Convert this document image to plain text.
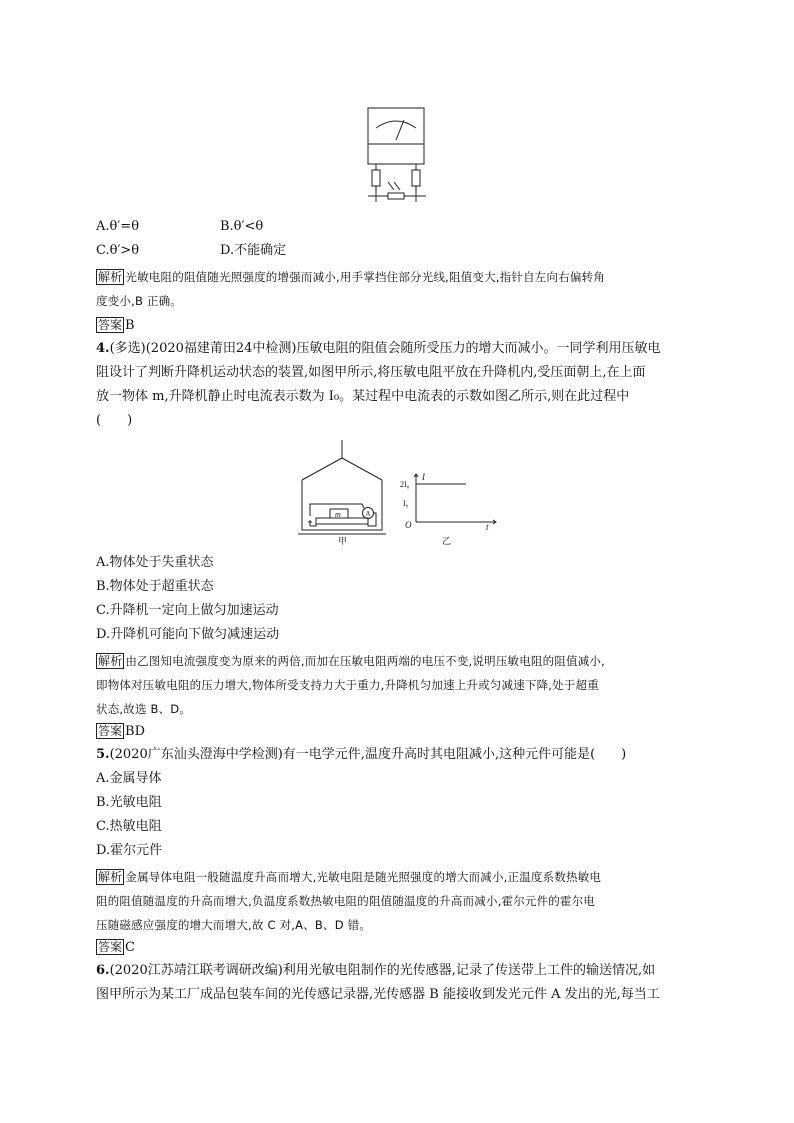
A.θ′=θ	B.θ′<θ
C.θ′>θ	D.不能确定
解析 光敏电阻的阻值随光照强度的增强而减小,用手掌挡住部分光线,阻值变大,指针自左向右偏转角
度变小,B 正确。
答案 B
4.(多选)(2020福建莆田24中检测)压敏电阻的阻值会随所受压力的增大而减小。一同学利用压敏电
阻设计了判断升降机运动状态的装置,如图甲所示,将压敏电阻平放在升降机内,受压面朝上,在上面
放一物体 m,升降机静止时电流表示数为 I₀。某过程中电流表的示数如图乙所示,则在此过程中
(　　)
m	A
甲
I
2I₀
I₀
O	t
乙
A.物体处于失重状态
B.物体处于超重状态
C.升降机一定向上做匀加速运动
D.升降机可能向下做匀减速运动
解析 由乙图知电流强度变为原来的两倍,而加在压敏电阻两端的电压不变,说明压敏电阻的阻值减小,
即物体对压敏电阻的压力增大,物体所受支持力大于重力,升降机匀加速上升或匀减速下降,处于超重
状态,故选 B、D。
答案 BD
5.(2020广东汕头澄海中学检测)有一电学元件,温度升高时其电阻减小,这种元件可能是(　　)
A.金属导体
B.光敏电阻
C.热敏电阻
D.霍尔元件
解析 金属导体电阻一般随温度升高而增大,光敏电阻是随光照强度的增大而减小,正温度系数热敏电
阻的阻值随温度的升高而增大,负温度系数热敏电阻的阻值随温度的升高而减小,霍尔元件的霍尔电
压随磁感应强度的增大而增大,故 C 对,A、B、D 错。
答案 C
6.(2020江苏靖江联考调研改编)利用光敏电阻制作的光传感器,记录了传送带上工件的输送情况,如
图甲所示为某工厂成品包装车间的光传感记录器,光传感器 B 能接收到发光元件 A 发出的光,每当工
